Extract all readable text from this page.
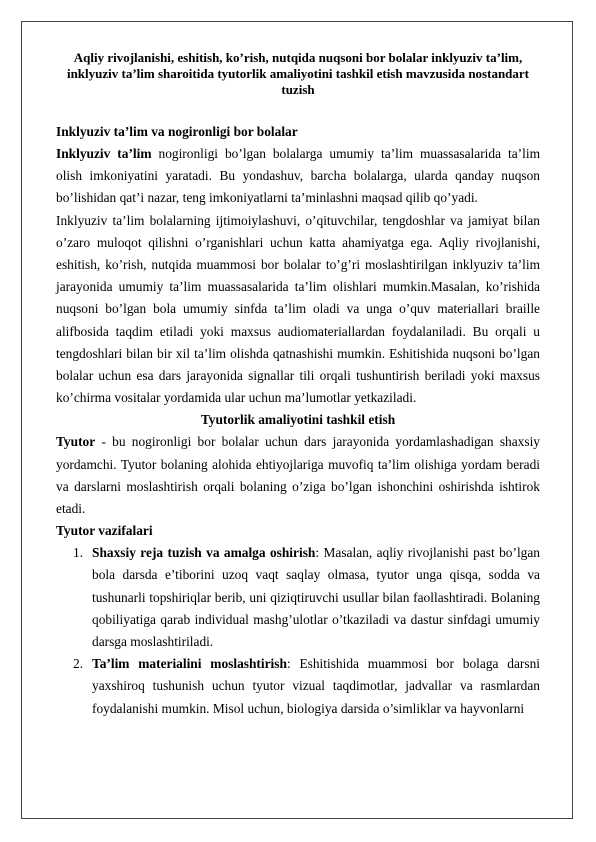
Aqliy rivojlanishi, eshitish, ko’rish, nutqida nuqsoni bor bolalar inklyuziv ta’lim, inklyuziv ta’lim sharoitida tyutorlik amaliyotini tashkil etish mavzusida nostandart tuzish

Inklyuziv ta’lim va nogironligi bor bolalar

Inklyuziv ta’lim nogironligi bo’lgan bolalarga umumiy ta’lim muassasalarida ta’lim olish imkoniyatini yaratadi. Bu yondashuv, barcha bolalarga, ularda qanday nuqson bo’lishidan qat’i nazar, teng imkoniyatlarni ta’minlashni maqsad qilib qo’yadi.

Inklyuziv ta’lim bolalarning ijtimoiylashuvi, o’qituvchilar, tengdoshlar va jamiyat bilan o’zaro muloqot qilishni o’rganishlari uchun katta ahamiyatga ega. Aqliy rivojlanishi, eshitish, ko’rish, nutqida muammosi bor bolalar to’g’ri moslashtirilgan inklyuziv ta’lim jarayonida umumiy ta’lim muassasalarida ta’lim olishlari mumkin.Masalan, ko’rishida nuqsoni bo’lgan bola umumiy sinfda ta’lim oladi va unga o’quv materiallari braille alifbosida taqdim etiladi yoki maxsus audiomateriallardan foydalaniladi. Bu orqali u tengdoshlari bilan bir xil ta’lim olishda qatnashishi mumkin. Eshitishida nuqsoni bo’lgan bolalar uchun esa dars jarayonida signallar tili orqali tushuntirish beriladi yoki maxsus ko’chirma vositalar yordamida ular uchun ma’lumotlar yetkaziladi.

Tyutorlik amaliyotini tashkil etish

Tyutor - bu nogironligi bor bolalar uchun dars jarayonida yordamlashadigan shaxsiy yordamchi. Tyutor bolaning alohida ehtiyojlariga muvofiq ta’lim olishiga yordam beradi va darslarni moslashtirish orqali bolaning o’ziga bo’lgan ishonchini oshirishda ishtirok etadi.

Tyutor vazifalari

1. Shaxsiy reja tuzish va amalga oshirish: Masalan, aqliy rivojlanishi past bo’lgan bola darsda e’tiborini uzoq vaqt saqlay olmasa, tyutor unga qisqa, sodda va tushunarli topshiriqlar berib, uni qiziqtiruvchi usullar bilan faollashtiradi. Bolaning qobiliyatiga qarab individual mashg’ulotlar o’tkaziladi va dastur sinfdagi umumiy darsga moslashtiriladi.
2. Ta’lim materialini moslashtirish: Eshitishida muammosi bor bolaga darsni yaxshiroq tushunish uchun tyutor vizual taqdimotlar, jadvallar va rasmlardan foydalanishi mumkin. Misol uchun, biologiya darsida o’simliklar va hayvonlarni
